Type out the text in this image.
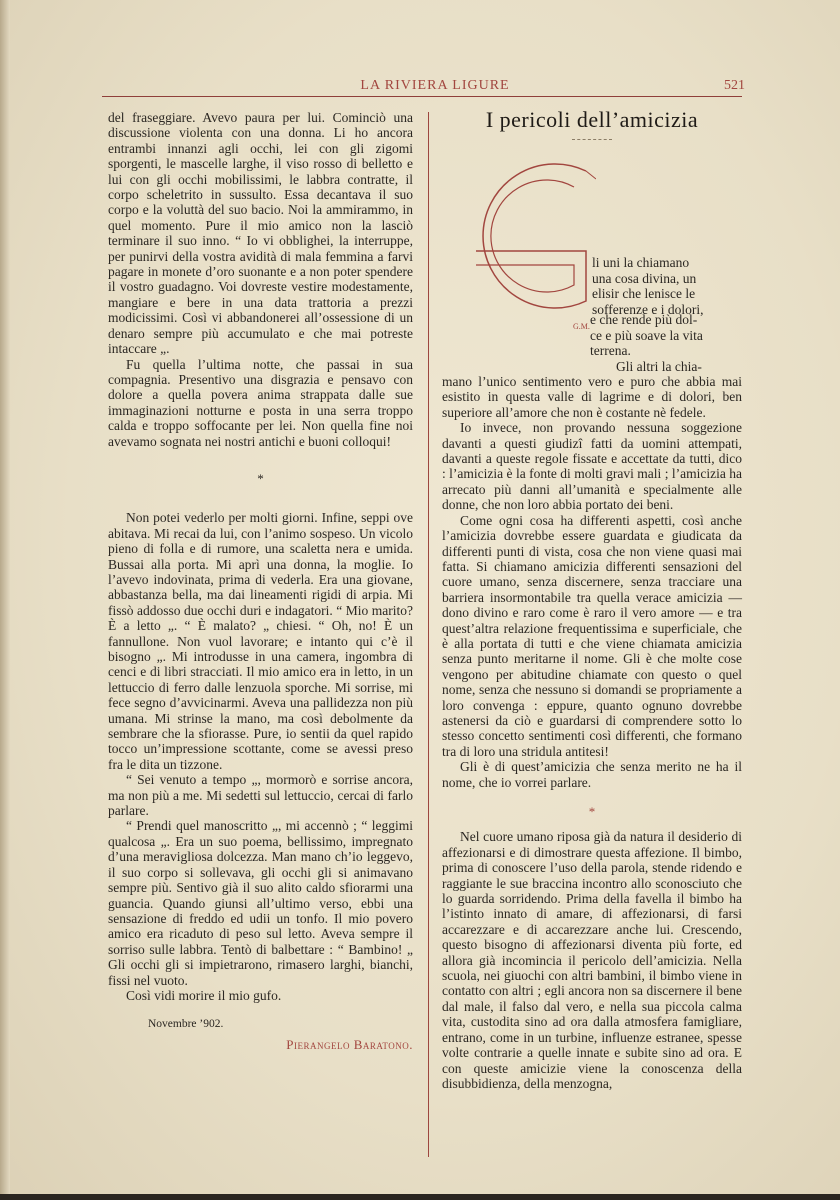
LA RIVIERA LIGURE	521

del fraseggiare. Avevo paura per lui. Cominciò una discussione violenta con una donna. Li ho ancora entrambi innanzi agli occhi, lei con gli zigomi sporgenti, le mascelle larghe, il viso rosso di belletto e lui con gli occhi mobilissimi, le labbra contratte, il corpo scheletrito in sussulto. Essa decantava il suo corpo e la voluttà del suo bacio. Noi la ammirammo, in quel momento. Pure il mio amico non la lasciò terminare il suo inno. “ Io vi obblighei, la interruppe, per punirvi della vostra avidità di mala femmina a farvi pagare in monete d’oro suonante e a non poter spendere il vostro guadagno. Voi dovreste vestire modestamente, mangiare e bere in una data trattoria a prezzi modicissimi. Così vi abbandonerei all’ossessione di un denaro sempre più accumulato e che mai potreste intaccare „.

Fu quella l’ultima notte, che passai in sua compagnia. Presentivo una disgrazia e pensavo con dolore a quella povera anima strappata dalle sue immaginazioni notturne e posta in una serra troppo calda e troppo soffocante per lei. Non quella fine noi avevamo sognata nei nostri antichi e buoni colloqui!

*

Non potei vederlo per molti giorni. Infine, seppi ove abitava. Mi recai da lui, con l’animo sospeso. Un vicolo pieno di folla e di rumore, una scaletta nera e umida. Bussai alla porta. Mi aprì una donna, la moglie. Io l’avevo indovinata, prima di vederla. Era una giovane, abbastanza bella, ma dai lineamenti rigidi di arpia. Mi fissò addosso due occhi duri e indagatori. “ Mio marito? È a letto „. “ È malato? „ chiesi. “ Oh, no! È un fannullone. Non vuol lavorare; e intanto qui c’è il bisogno „. Mi introdusse in una camera, ingombra di cenci e di libri stracciati. Il mio amico era in letto, in un lettuccio di ferro dalle lenzuola sporche. Mi sorrise, mi fece segno d’avvicinarmi. Aveva una pallidezza non più umana. Mi strinse la mano, ma così debolmente da sembrare che la sfiorasse. Pure, io sentii da quel rapido tocco un’impressione scottante, come se avessi preso fra le dita un tizzone.

“ Sei venuto a tempo „, mormorò e sorrise ancora, ma non più a me. Mi sedetti sul lettuccio, cercai di farlo parlare.

“ Prendi quel manoscritto „, mi accennò ; “ leggimi qualcosa „. Era un suo poema, bellissimo, impregnato d’una meravigliosa dolcezza. Man mano ch’io leggevo, il suo corpo si sollevava, gli occhi gli si animavano sempre più. Sentivo già il suo alito caldo sfiorarmi una guancia. Quando giunsi all’ultimo verso, ebbi una sensazione di freddo ed udii un tonfo. Il mio povero amico era ricaduto di peso sul letto. Aveva sempre il sorriso sulle labbra. Tentò di balbettare : “ Bambino! „ Gli occhi gli si impietrarono, rimasero larghi, bianchi, fissi nel vuoto.

Così vidi morire il mio gufo.

Novembre ’902.
Pierangelo Baratono.
I pericoli dell’amicizia
G.M.
li uni la chiamano
una cosa divina, un
elisir che lenisce le
sofferenze e i dolori,
e che rende più dol-
ce e più soave la vita
terrena.
Gli altri la chia-

mano l’unico sentimento vero e puro che abbia mai esistito in questa valle di lagrime e di dolori, ben superiore all’amore che non è costante nè fedele.

Io invece, non provando nessuna soggezione davanti a questi giudizî fatti da uomini attempati, davanti a queste regole fissate e accettate da tutti, dico : l’amicizia è la fonte di molti gravi mali ; l’amicizia ha arrecato più danni all’umanità e specialmente alle donne, che non loro abbia portato dei beni.

Come ogni cosa ha differenti aspetti, così anche l’amicizia dovrebbe essere guardata e giudicata da differenti punti di vista, cosa che non viene quasi mai fatta. Si chiamano amicizia differenti sensazioni del cuore umano, senza discernere, senza tracciare una barriera insormontabile tra quella verace amicizia — dono divino e raro come è raro il vero amore — e tra quest’altra relazione frequentissima e superficiale, che è alla portata di tutti e che viene chiamata amicizia senza punto meritarne il nome. Gli è che molte cose vengono per abitudine chiamate con questo o quel nome, senza che nessuno si domandi se propriamente a loro convenga : eppure, quanto ognuno dovrebbe astenersi da ciò e guardarsi di comprendere sotto lo stesso concetto sentimenti così differenti, che formano tra di loro una stridula antitesi!

Gli è di quest’amicizia che senza merito ne ha il nome, che io vorrei parlare.

*

Nel cuore umano riposa già da natura il desiderio di affezionarsi e di dimostrare questa affezione. Il bimbo, prima di conoscere l’uso della parola, stende ridendo e raggiante le sue braccina incontro allo sconosciuto che lo guarda sorridendo. Prima della favella il bimbo ha l’istinto innato di amare, di affezionarsi, di farsi accarezzare e di accarezzare anche lui. Crescendo, questo bisogno di affezionarsi diventa più forte, ed allora già incomincia il pericolo dell’amicizia. Nella scuola, nei giuochi con altri bambini, il bimbo viene in contatto con altri ; egli ancora non sa discernere il bene dal male, il falso dal vero, e nella sua piccola calma vita, custodita sino ad ora dalla atmosfera famigliare, entrano, come in un turbine, influenze estranee, spesse volte contrarie a quelle innate e subite sino ad ora. E con queste amicizie viene la conoscenza della disubbidienza, della menzogna,
